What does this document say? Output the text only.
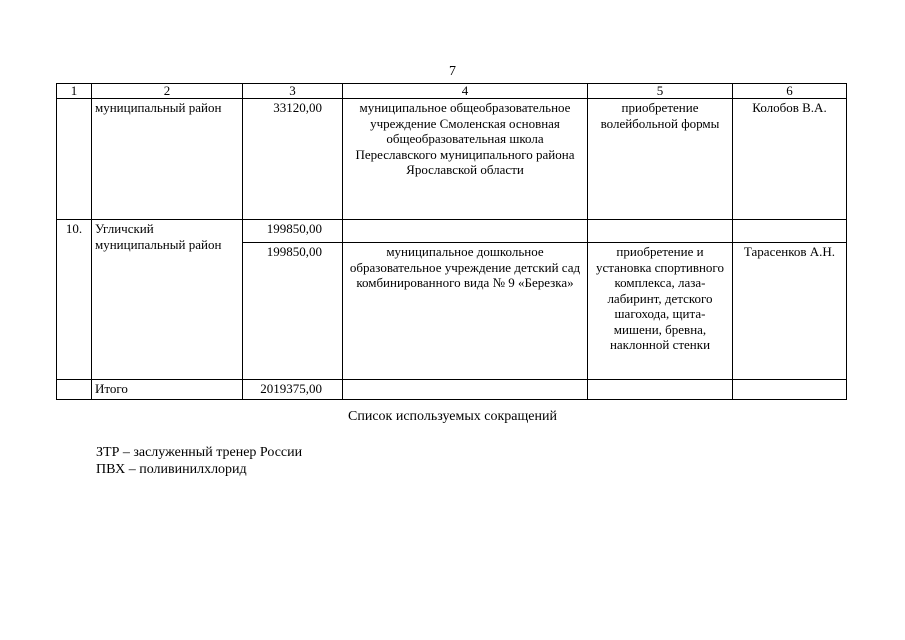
7
1	2	3	4	5	6
	муниципальный район	33120,00	муниципальное общеобразовательное учреждение Смоленская основная общеобразовательная школа Переславского муниципального района Ярославской области	приобретение волейбольной формы	Колобов В.А.
10.	Угличский муниципальный район	199850,00			
		199850,00	муниципальное дошкольное образовательное учреждение детский сад комбинированного вида № 9 «Березка»	приобретение и установка спортивного комплекса, лаза-лабиринт, детского шагохода, щита-мишени, бревна, наклонной стенки	Тарасенков А.Н.
	Итого	2019375,00			
Список используемых сокращений
ЗТР – заслуженный тренер России
ПВХ – поливинилхлорид
